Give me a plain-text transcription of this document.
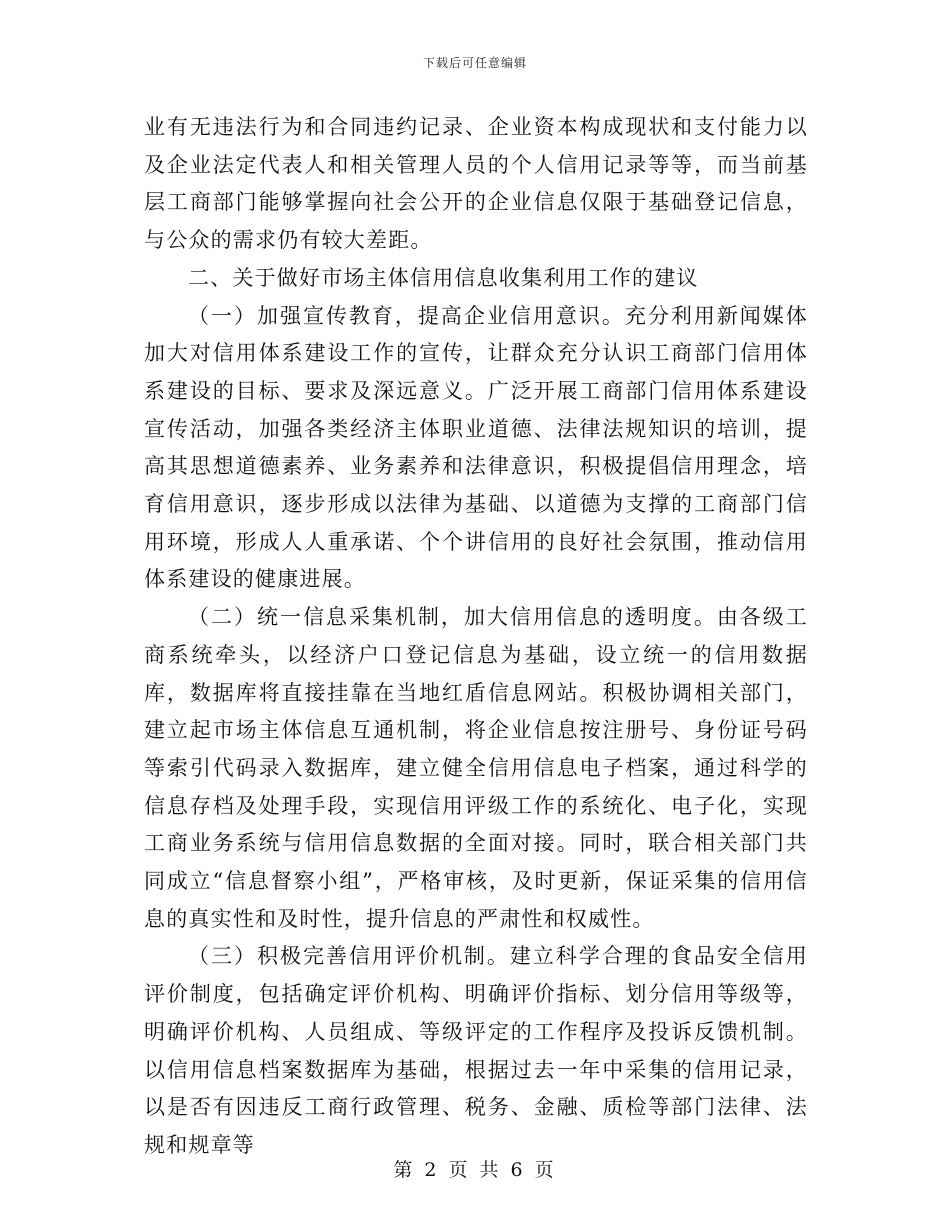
下载后可任意编辑

业有无违法行为和合同违约记录、企业资本构成现状和支付能力以及企业法定代表人和相关管理人员的个人信用记录等等，而当前基层工商部门能够掌握向社会公开的企业信息仅限于基础登记信息，与公众的需求仍有较大差距。

二、关于做好市场主体信用信息收集利用工作的建议

（一）加强宣传教育，提高企业信用意识。充分利用新闻媒体加大对信用体系建设工作的宣传，让群众充分认识工商部门信用体系建设的目标、要求及深远意义。广泛开展工商部门信用体系建设宣传活动，加强各类经济主体职业道德、法律法规知识的培训，提高其思想道德素养、业务素养和法律意识，积极提倡信用理念，培育信用意识，逐步形成以法律为基础、以道德为支撑的工商部门信用环境，形成人人重承诺、个个讲信用的良好社会氛围，推动信用体系建设的健康进展。

（二）统一信息采集机制，加大信用信息的透明度。由各级工商系统牵头，以经济户口登记信息为基础，设立统一的信用数据库，数据库将直接挂靠在当地红盾信息网站。积极协调相关部门，建立起市场主体信息互通机制，将企业信息按注册号、身份证号码等索引代码录入数据库，建立健全信用信息电子档案，通过科学的信息存档及处理手段，实现信用评级工作的系统化、电子化，实现工商业务系统与信用信息数据的全面对接。同时，联合相关部门共同成立“信息督察小组”，严格审核，及时更新，保证采集的信用信息的真实性和及时性，提升信息的严肃性和权威性。

（三）积极完善信用评价机制。建立科学合理的食品安全信用评价制度，包括确定评价机构、明确评价指标、划分信用等级等，明确评价机构、人员组成、等级评定的工作程序及投诉反馈机制。以信用信息档案数据库为基础，根据过去一年中采集的信用记录，以是否有因违反工商行政管理、税务、金融、质检等部门法律、法规和规章等

第 2 页 共 6 页
